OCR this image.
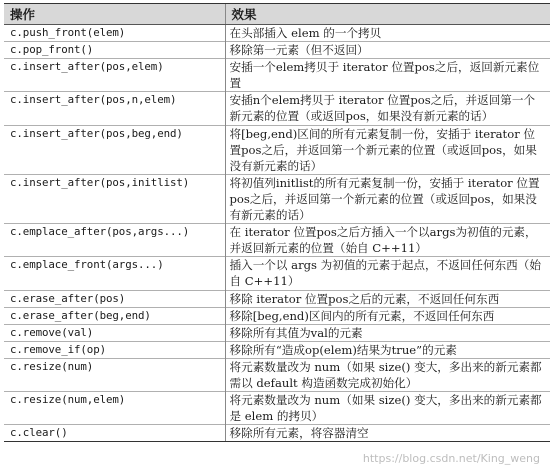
操作	效果
c.push_front(elem)	在头部插入 elem 的一个拷贝
c.pop_front()	移除第一元素（但不返回）
c.insert_after(pos,elem)	安插一个elem拷贝于 iterator 位置pos之后，返回新元素位置
c.insert_after(pos,n,elem)	安插n个elem拷贝于 iterator 位置pos之后，并返回第一个新元素的位置（或返回pos，如果没有新元素的话）
c.insert_after(pos,beg,end)	将[beg,end)区间的所有元素复制一份，安插于 iterator 位置pos之后，并返回第一个新元素的位置（或返回pos，如果没有新元素的话）
c.insert_after(pos,initlist)	将初值列initlist的所有元素复制一份，安插于 iterator 位置pos之后，并返回第一个新元素的位置（或返回pos，如果没有新元素的话）
c.emplace_after(pos,args...)	在 iterator 位置pos之后方插入一个以args为初值的元素，并返回新元素的位置（始自 C++11）
c.emplace_front(args...)	插入一个以 args 为初值的元素于起点，不返回任何东西（始自 C++11）
c.erase_after(pos)	移除 iterator 位置pos之后的元素，不返回任何东西
c.erase_after(beg,end)	移除[beg,end)区间内的所有元素，不返回任何东西
c.remove(val)	移除所有其值为val的元素
c.remove_if(op)	移除所有“造成op(elem)结果为true”的元素
c.resize(num)	将元素数量改为 num（如果 size() 变大，多出来的新元素都需以 default 构造函数完成初始化）
c.resize(num,elem)	将元素数量改为 num（如果 size() 变大，多出来的新元素都是 elem 的拷贝）
c.clear()	移除所有元素，将容器清空
https://blog.csdn.net/King_weng
